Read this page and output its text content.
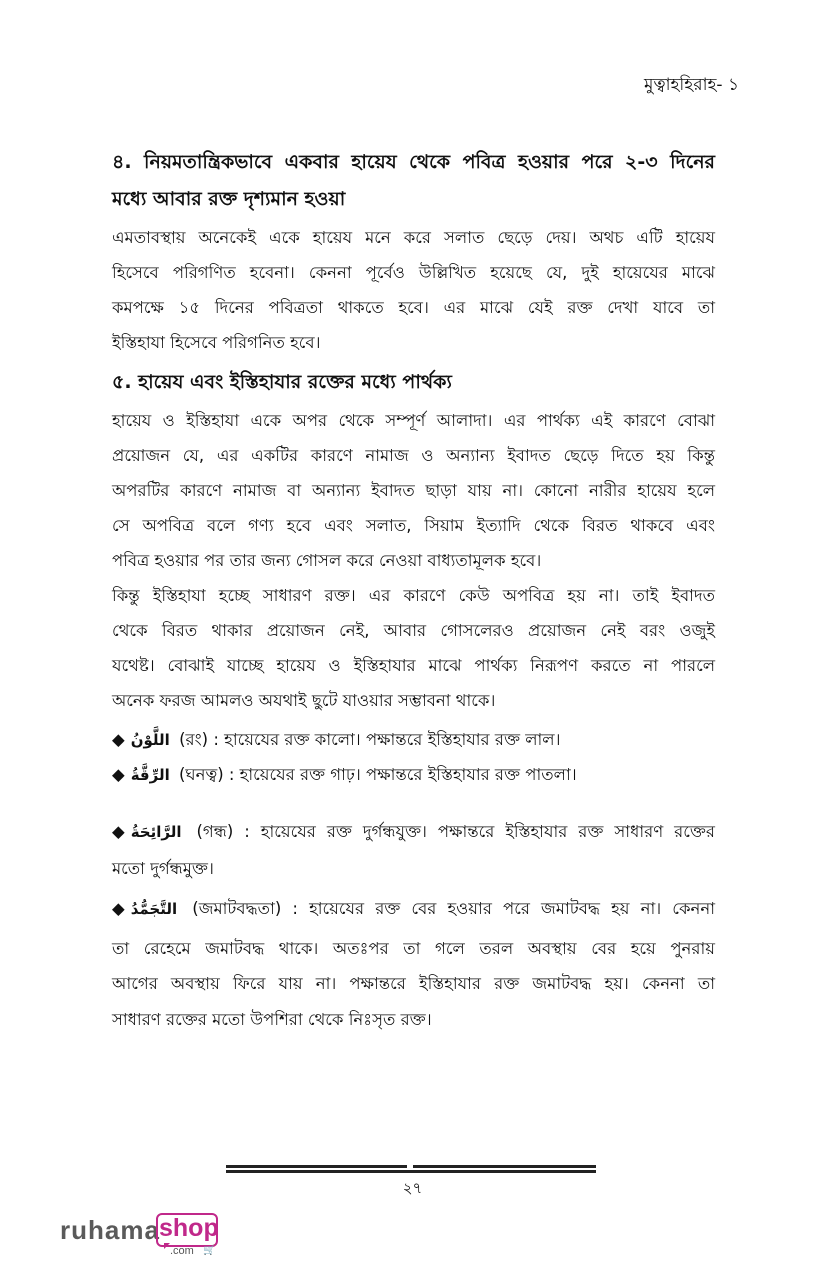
মুত্বাহহিরাহ- ১
৪. নিয়মতান্ত্রিকভাবে একবার হায়েয থেকে পবিত্র হওয়ার পরে ২-৩ দিনের
মধ্যে আবার রক্ত দৃশ্যমান হওয়া
এমতাবস্থায় অনেকেই একে হায়েয মনে করে সলাত ছেড়ে দেয়। অথচ এটি হায়েয
হিসেবে পরিগণিত হবেনা। কেননা পূর্বেও উল্লিখিত হয়েছে যে, দুই হায়েযের মাঝে
কমপক্ষে ১৫ দিনের পবিত্রতা থাকতে হবে। এর মাঝে যেই রক্ত দেখা যাবে তা
ইস্তিহাযা হিসেবে পরিগনিত হবে।
৫. হায়েয এবং ইস্তিহাযার রক্তের মধ্যে পার্থক্য
হায়েয ও ইস্তিহাযা একে অপর থেকে সম্পূর্ণ আলাদা। এর পার্থক্য এই কারণে বোঝা
প্রয়োজন যে, এর একটির কারণে নামাজ ও অন্যান্য ইবাদত ছেড়ে দিতে হয় কিন্তু
অপরটির কারণে নামাজ বা অন্যান্য ইবাদত ছাড়া যায় না। কোনো নারীর হায়েয হলে
সে অপবিত্র বলে গণ্য হবে এবং সলাত, সিয়াম ইত্যাদি থেকে বিরত থাকবে এবং
পবিত্র হওয়ার পর তার জন্য গোসল করে নেওয়া বাধ্যতামূলক হবে।
কিন্তু ইস্তিহাযা হচ্ছে সাধারণ রক্ত। এর কারণে কেউ অপবিত্র হয় না। তাই ইবাদত
থেকে বিরত থাকার প্রয়োজন নেই, আবার গোসলেরও প্রয়োজন নেই বরং ওজুই
যথেষ্ট। বোঝাই যাচ্ছে হায়েয ও ইস্তিহাযার মাঝে পার্থক্য নিরূপণ করতে না পারলে
অনেক ফরজ আমলও অযথাই ছুটে যাওয়ার সম্ভাবনা থাকে।
◆ اللَّوْنُ (রং) : হায়েযের রক্ত কালো। পক্ষান্তরে ইস্তিহাযার রক্ত লাল।
◆ الرِّقَّةُ (ঘনত্ব) : হায়েযের রক্ত গাঢ়। পক্ষান্তরে ইস্তিহাযার রক্ত পাতলা।
◆ الرَّائِحَةُ (গন্ধ) : হায়েযের রক্ত দুর্গন্ধযুক্ত। পক্ষান্তরে ইস্তিহাযার রক্ত সাধারণ রক্তের
মতো দুর্গন্ধমুক্ত।
◆ التَّجَمُّدُ (জমাটবদ্ধতা) : হায়েযের রক্ত বের হওয়ার পরে জমাটবদ্ধ হয় না। কেননা
তা রেহেমে জমাটবদ্ধ থাকে। অতঃপর তা গলে তরল অবস্থায় বের হয়ে পুনরায়
আগের অবস্থায় ফিরে যায় না। পক্ষান্তরে ইস্তিহাযার রক্ত জমাটবদ্ধ হয়। কেননা তা
সাধারণ রক্তের মতো উপশিরা থেকে নিঃসৃত রক্ত।
২৭
ruhama shop
.com 🛒
